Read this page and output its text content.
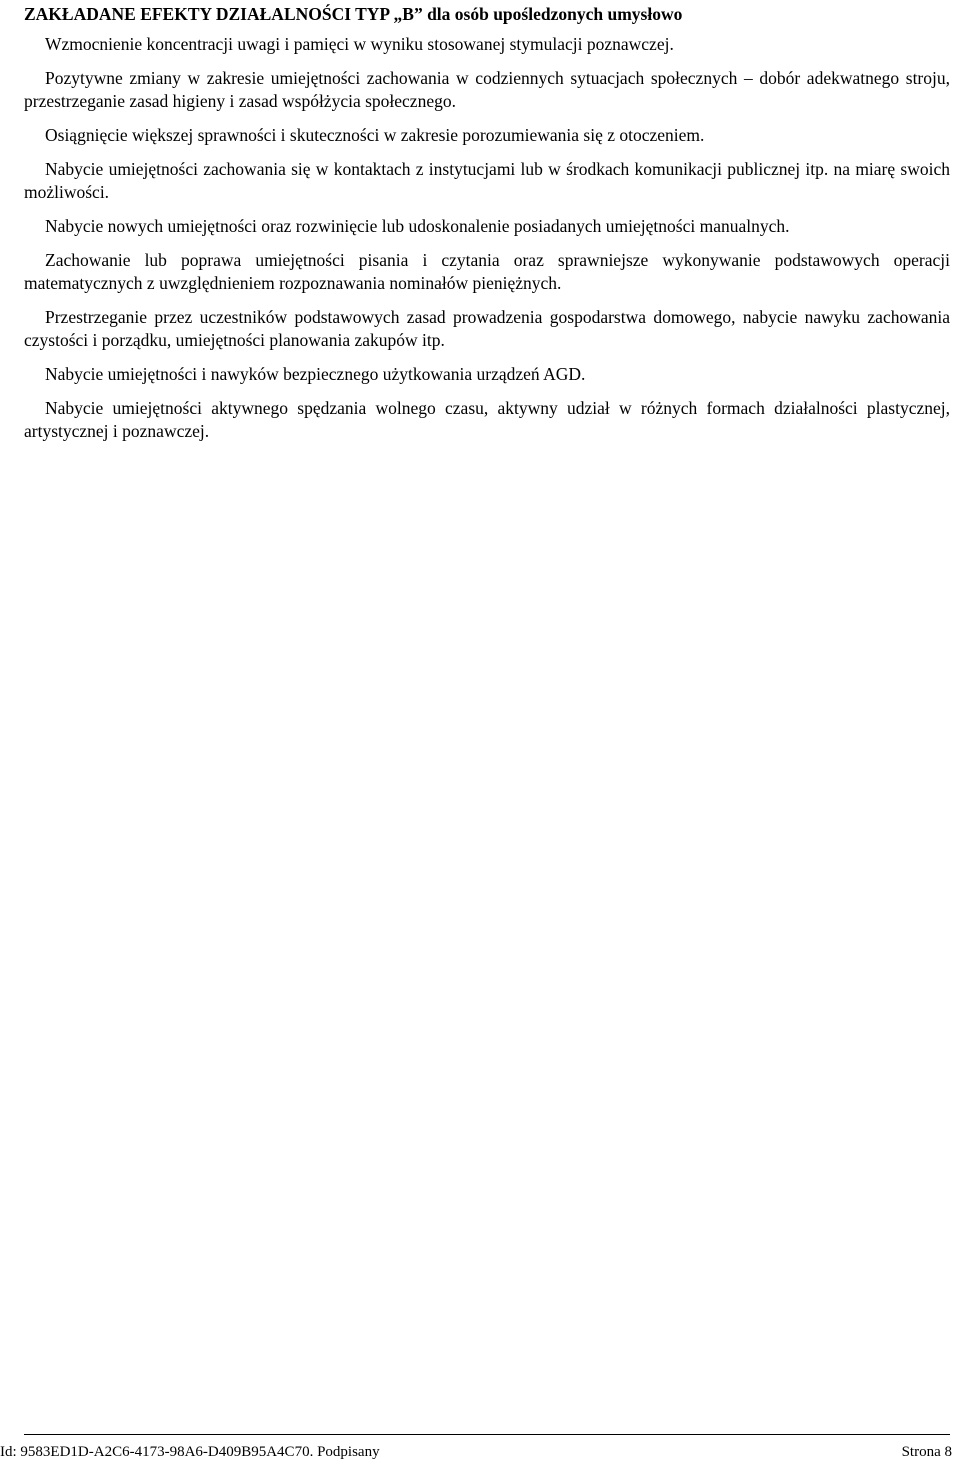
ZAKŁADANE EFEKTY DZIAŁALNOŚCI TYP „B” dla osób upośledzonych umysłowo

Wzmocnienie koncentracji uwagi i pamięci w wyniku stosowanej stymulacji poznawczej.

Pozytywne zmiany w zakresie umiejętności zachowania w codziennych sytuacjach społecznych – dobór adekwatnego stroju, przestrzeganie zasad higieny i zasad współżycia społecznego.

Osiągnięcie większej sprawności i skuteczności w zakresie porozumiewania się z otoczeniem.

Nabycie umiejętności zachowania się w kontaktach z instytucjami lub w środkach komunikacji publicznej itp. na miarę swoich możliwości.

Nabycie nowych umiejętności oraz rozwinięcie lub udoskonalenie posiadanych umiejętności manualnych.

Zachowanie lub poprawa umiejętności pisania i czytania oraz sprawniejsze wykonywanie podstawowych operacji matematycznych z uwzględnieniem rozpoznawania nominałów pieniężnych.

Przestrzeganie przez uczestników podstawowych zasad prowadzenia gospodarstwa domowego, nabycie nawyku zachowania czystości i porządku, umiejętności planowania zakupów itp.

Nabycie umiejętności i nawyków bezpiecznego użytkowania urządzeń AGD.

Nabycie umiejętności aktywnego spędzania wolnego czasu, aktywny udział w różnych formach działalności plastycznej, artystycznej i poznawczej.

Id: 9583ED1D-A2C6-4173-98A6-D409B95A4C70. Podpisany	Strona 8
